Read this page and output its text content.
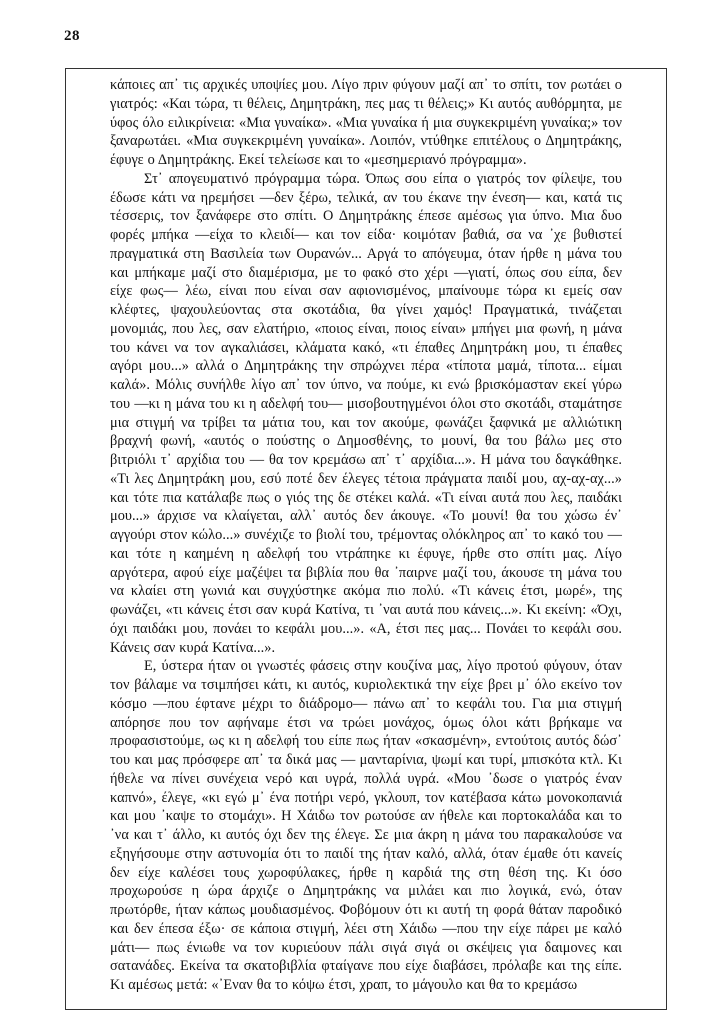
28

κάποιες απ᾽ τις αρχικές υποψίες μου. Λίγο πριν φύγουν μαζί απ᾽ το σπίτι, τον ρωτάει ο γιατρός: «Και τώρα, τι θέλεις, Δημητράκη, πες μας τι θέλεις;» Κι αυτός αυθόρμητα, με ύφος όλο ειλικρίνεια: «Μια γυναίκα». «Μια γυναίκα ή μια συγκεκριμένη γυναίκα;» τον ξαναρωτάει. «Μια συγκεκριμένη γυναίκα». Λοιπόν, ντύθηκε επιτέλους ο Δημητράκης, έφυγε ο Δημητράκης. Εκεί τελείωσε και το «μεσημεριανό πρόγραμμα».

Στ᾽ απογευματινό πρόγραμμα τώρα. Όπως σου είπα ο γιατρός τον φίλεψε, του έδωσε κάτι να ηρεμήσει —δεν ξέρω, τελικά, αν του έκανε την ένεση— και, κατά τις τέσσερις, τον ξανάφερε στο σπίτι. Ο Δημητράκης έπεσε αμέσως για ύπνο. Μια δυο φορές μπήκα —είχα το κλειδί— και τον είδα· κοιμόταν βαθιά, σα να ᾽χε βυθιστεί πραγματικά στη Βασιλεία των Ουρανών... Αργά το απόγευμα, όταν ήρθε η μάνα του και μπήκαμε μαζί στο διαμέρισμα, με το φακό στο χέρι —γιατί, όπως σου είπα, δεν είχε φως— λέω, είναι που είναι σαν αφιονισμένος, μπαίνουμε τώρα κι εμείς σαν κλέφτες, ψαχουλεύοντας στα σκοτάδια, θα γίνει χαμός! Πραγματικά, τινάζεται μονομιάς, που λες, σαν ελατήριο, «ποιος είναι, ποιος είναι» μπήγει μια φωνή, η μάνα του κάνει να τον αγκαλιάσει, κλάματα κακό, «τι έπαθες Δημητράκη μου, τι έπαθες αγόρι μου...» αλλά ο Δημητράκης την σπρώχνει πέρα «τίποτα μαμά, τίποτα... είμαι καλά». Μόλις συνήλθε λίγο απ᾽ τον ύπνο, να πούμε, κι ενώ βρισκόμασταν εκεί γύρω του —κι η μάνα του κι η αδελφή του— μισοβουτηγμένοι όλοι στο σκοτάδι, σταμάτησε μια στιγμή να τρίβει τα μάτια του, και τον ακούμε, φωνάζει ξαφνικά με αλλιώτικη βραχνή φωνή, «αυτός ο πούστης ο Δημοσθένης, το μουνί, θα του βάλω μες στο βιτριόλι τ᾽ αρχίδια του — θα τον κρεμάσω απ᾽ τ᾽ αρχίδια...». Η μάνα του δαγκάθηκε. «Τι λες Δημητράκη μου, εσύ ποτέ δεν έλεγες τέτοια πράγματα παιδί μου, αχ-αχ-αχ...» και τότε πια κατάλαβε πως ο γιός της δε στέκει καλά. «Τι είναι αυτά που λες, παιδάκι μου...» άρχισε να κλαίγεται, αλλ᾽ αυτός δεν άκουγε. «Το μουνί! θα του χώσω έν᾽ αγγούρι στον κώλο...» συνέχιζε το βιολί του, τρέμοντας ολόκληρος απ᾽ το κακό του — και τότε η καημένη η αδελφή του ντράπηκε κι έφυγε, ήρθε στο σπίτι μας. Λίγο αργότερα, αφού είχε μαζέψει τα βιβλία που θα ᾽παιρνε μαζί του, άκουσε τη μάνα του να κλαίει στη γωνιά και συγχύστηκε ακόμα πιο πολύ. «Τι κάνεις έτσι, μωρέ», της φωνάζει, «τι κάνεις έτσι σαν κυρά Κατίνα, τι ᾽ναι αυτά που κάνεις...». Κι εκείνη: «Όχι, όχι παιδάκι μου, πονάει το κεφάλι μου...». «Α, έτσι πες μας... Πονάει το κεφάλι σου. Κάνεις σαν κυρά Κατίνα...».

Ε, ύστερα ήταν οι γνωστές φάσεις στην κουζίνα μας, λίγο προτού φύγουν, όταν τον βάλαμε να τσιμπήσει κάτι, κι αυτός, κυριολεκτικά την είχε βρει μ᾽ όλο εκείνο τον κόσμο —που έφτανε μέχρι το διάδρομο— πάνω απ᾽ το κεφάλι του. Για μια στιγμή απόρησε που τον αφήναμε έτσι να τρώει μονάχος, όμως όλοι κάτι βρήκαμε να προφασιστούμε, ως κι η αδελφή του είπε πως ήταν «σκασμένη», εντούτοις αυτός δώσ᾽ του και μας πρόσφερε απ᾽ τα δικά μας — μανταρίνια, ψωμί και τυρί, μπισκότα κτλ. Κι ήθελε να πίνει συνέχεια νερό και υγρά, πολλά υγρά. «Μου ᾽δωσε ο γιατρός έναν καπνό», έλεγε, «κι εγώ μ᾽ ένα ποτήρι νερό, γκλουπ, τον κατέβασα κάτω μονοκοπανιά και μου ᾽καψε το στομάχι». Η Χάιδω τον ρωτούσε αν ήθελε και πορτοκαλάδα και το ᾽να και τ᾽ άλλο, κι αυτός όχι δεν της έλεγε. Σε μια άκρη η μάνα του παρακαλούσε να εξηγήσουμε στην αστυνομία ότι το παιδί της ήταν καλό, αλλά, όταν έμαθε ότι κανείς δεν είχε καλέσει τους χωροφύλακες, ήρθε η καρδιά της στη θέση της. Κι όσο προχωρούσε η ώρα άρχιζε ο Δημητράκης να μιλάει και πιο λογικά, ενώ, όταν πρωτόρθε, ήταν κάπως μουδιασμένος. Φοβόμουν ότι κι αυτή τη φορά θάταν παροδικό και δεν έπεσα έξω· σε κάποια στιγμή, λέει στη Χάιδω —που την είχε πάρει με καλό μάτι— πως ένιωθε να τον κυριεύουν πάλι σιγά σιγά οι σκέψεις για δαιμονες και σατανάδες. Εκείνα τα σκατοβιβλία φταίγανε που είχε διαβάσει, πρόλαβε και της είπε. Κι αμέσως μετά: «᾽Εναν θα το κόψω έτσι, χραπ, το μάγουλο και θα το κρεμάσω
